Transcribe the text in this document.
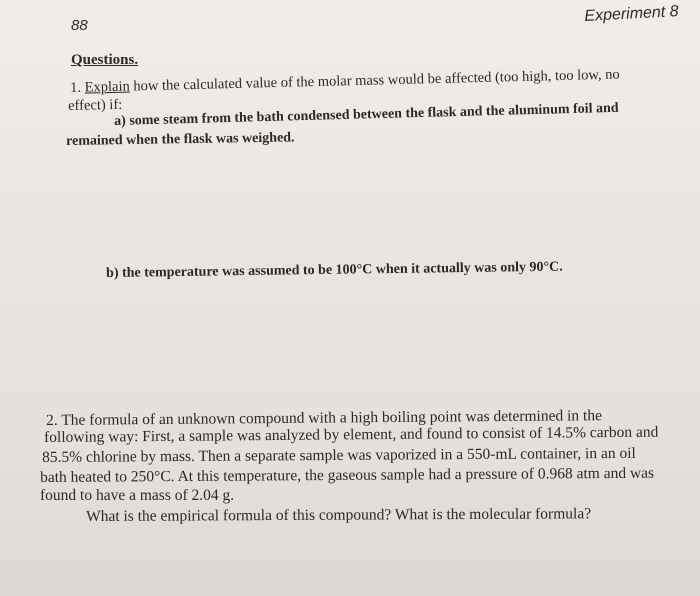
88
Experiment 8
Questions.
1. Explain how the calculated value of the molar mass would be affected (too high, too low, no
effect) if:
a) some steam from the bath condensed between the flask and the aluminum foil and
remained when the flask was weighed.
b) the temperature was assumed to be 100°C when it actually was only 90°C.
2. The formula of an unknown compound with a high boiling point was determined in the
following way: First, a sample was analyzed by element, and found to consist of 14.5% carbon and
85.5% chlorine by mass. Then a separate sample was vaporized in a 550-mL container, in an oil
bath heated to 250°C. At this temperature, the gaseous sample had a pressure of 0.968 atm and was
found to have a mass of 2.04 g.
What is the empirical formula of this compound? What is the molecular formula?
